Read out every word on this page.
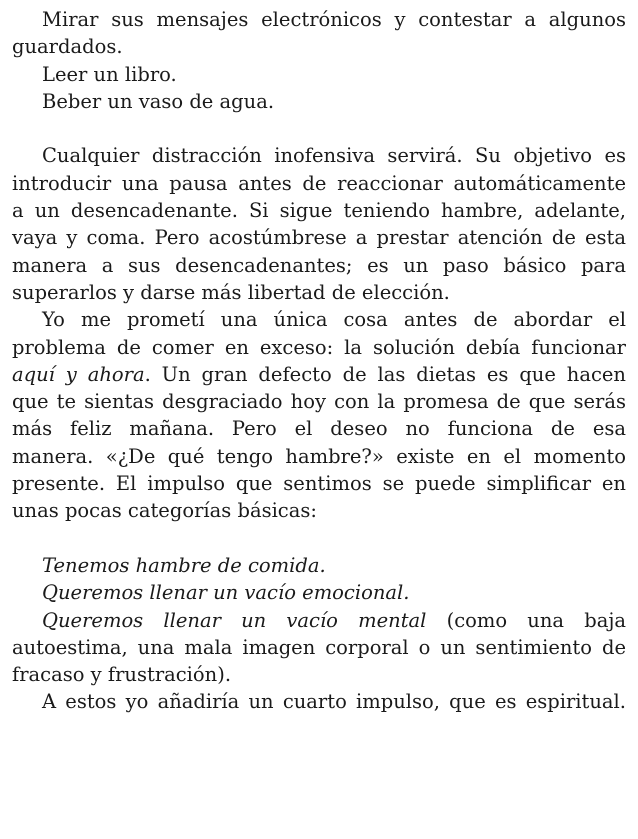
Mirar sus mensajes electrónicos y contestar a algunos
guardados.
Leer un libro.
Beber un vaso de agua.
Cualquier distracción inofensiva servirá. Su objetivo es
introducir una pausa antes de reaccionar automáticamente
a un desencadenante. Si sigue teniendo hambre, adelante,
vaya y coma. Pero acostúmbrese a prestar atención de esta
manera a sus desencadenantes; es un paso básico para
superarlos y darse más libertad de elección.
Yo me prometí una única cosa antes de abordar el
problema de comer en exceso: la solución debía funcionar
aquí y ahora. Un gran defecto de las dietas es que hacen
que te sientas desgraciado hoy con la promesa de que serás
más feliz mañana. Pero el deseo no funciona de esa
manera. «¿De qué tengo hambre?» existe en el momento
presente. El impulso que sentimos se puede simplificar en
unas pocas categorías básicas:
Tenemos hambre de comida.
Queremos llenar un vacío emocional.
Queremos llenar un vacío mental (como una baja
autoestima, una mala imagen corporal o un sentimiento de
fracaso y frustración).
A estos yo añadiría un cuarto impulso, que es espiritual.
